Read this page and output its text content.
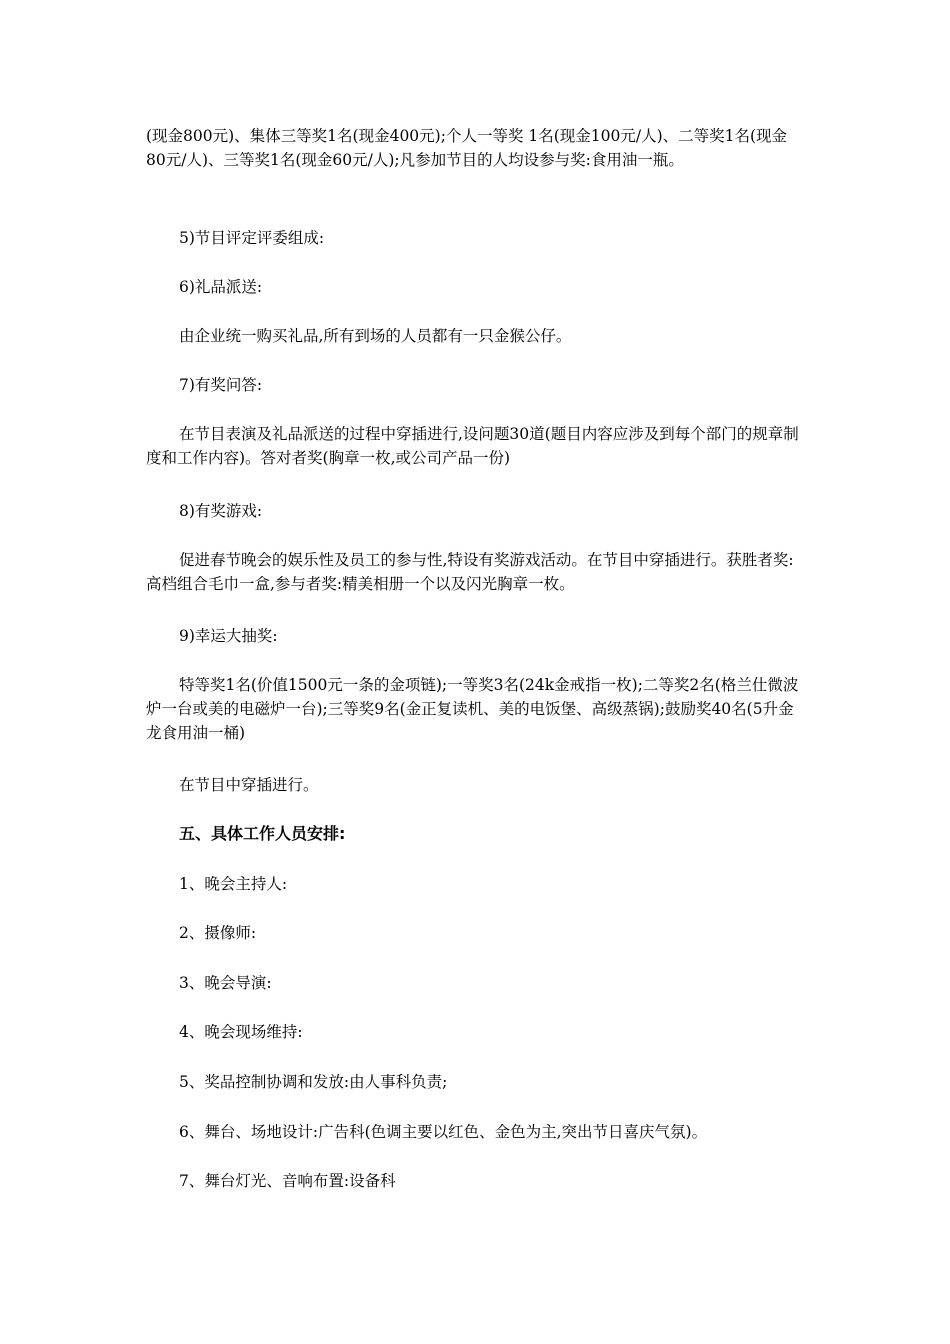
(现金800元)、集体三等奖1名(现金400元);个人一等奖 1名(现金100元/人)、二等奖1名(现金80元/人)、三等奖1名(现金60元/人);凡参加节目的人均设参与奖:食用油一瓶。

5)节目评定评委组成:

6)礼品派送:

由企业统一购买礼品,所有到场的人员都有一只金猴公仔。

7)有奖问答:

在节目表演及礼品派送的过程中穿插进行,设问题30道(题目内容应涉及到每个部门的规章制度和工作内容)。答对者奖(胸章一枚,或公司产品一份)

8)有奖游戏:

促进春节晚会的娱乐性及员工的参与性,特设有奖游戏活动。在节目中穿插进行。获胜者奖:高档组合毛巾一盒,参与者奖:精美相册一个以及闪光胸章一枚。

9)幸运大抽奖:

特等奖1名(价值1500元一条的金项链);一等奖3名(24k金戒指一枚);二等奖2名(格兰仕微波炉一台或美的电磁炉一台);三等奖9名(金正复读机、美的电饭堡、高级蒸锅);鼓励奖40名(5升金龙食用油一桶)

在节目中穿插进行。

五、具体工作人员安排:

1、晚会主持人:

2、摄像师:

3、晚会导演:

4、晚会现场维持:

5、奖品控制协调和发放:由人事科负责;

6、舞台、场地设计:广告科(色调主要以红色、金色为主,突出节日喜庆气氛)。

7、舞台灯光、音响布置:设备科
